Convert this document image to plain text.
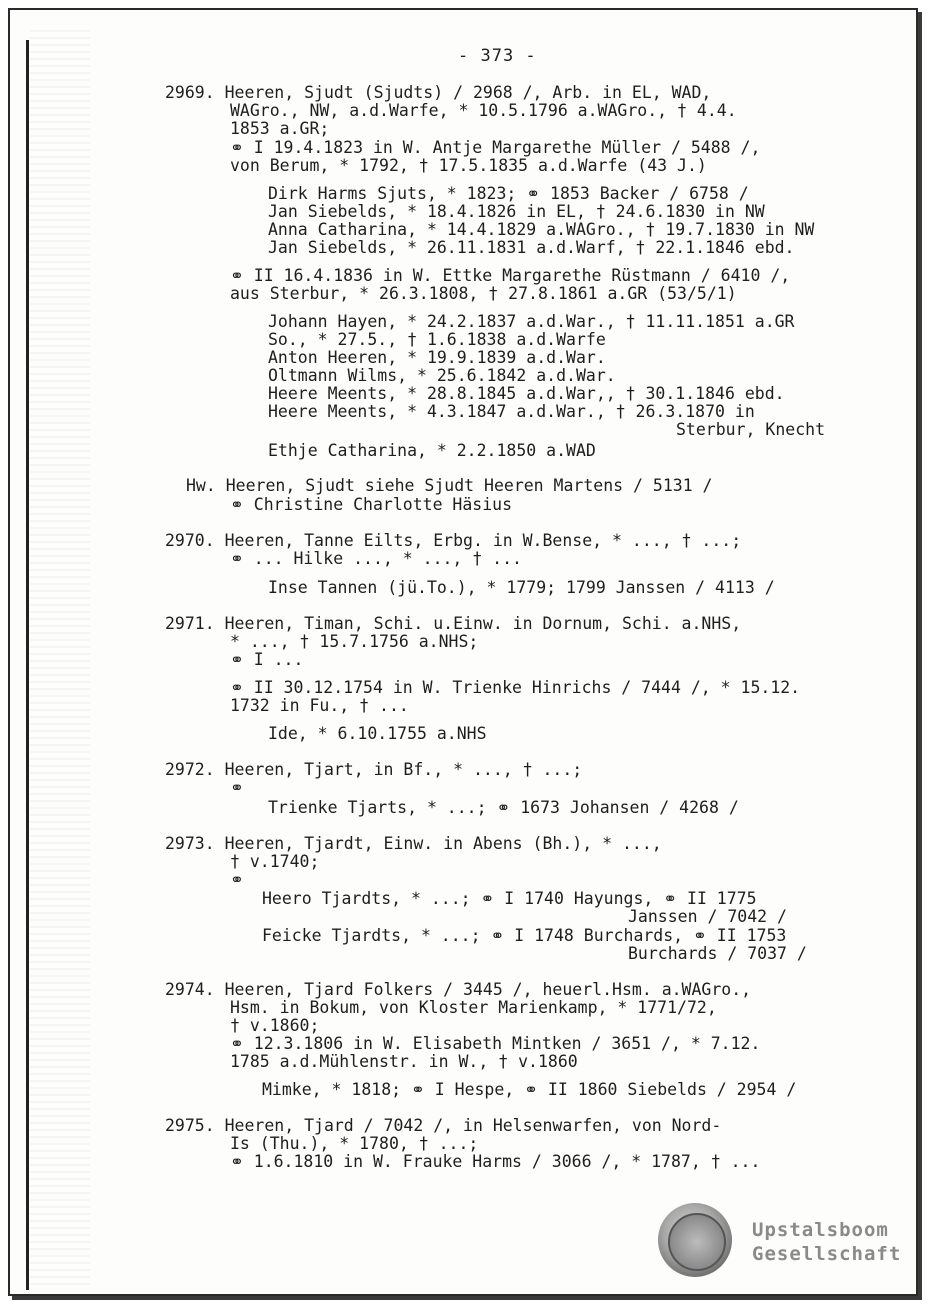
- 373 -
2969. Heeren, Sjudt (Sjudts) / 2968 /, Arb. in EL, WAD,
WAGro., NW, a.d.Warfe, * 10.5.1796 a.WAGro., † 4.4.
1853 a.GR;
⚭ I 19.4.1823 in W. Antje Margarethe Müller / 5488 /,
von Berum, * 1792, † 17.5.1835 a.d.Warfe (43 J.)
Dirk Harms Sjuts, * 1823; ⚭ 1853 Backer / 6758 /
Jan Siebelds, * 18.4.1826 in EL, † 24.6.1830 in NW
Anna Catharina, * 14.4.1829 a.WAGro., † 19.7.1830 in NW
Jan Siebelds, * 26.11.1831 a.d.Warf, † 22.1.1846 ebd.
⚭ II 16.4.1836 in W. Ettke Margarethe Rüstmann / 6410 /,
aus Sterbur, * 26.3.1808, † 27.8.1861 a.GR (53/5/1)
Johann Hayen, * 24.2.1837 a.d.War., † 11.11.1851 a.GR
So., * 27.5., † 1.6.1838 a.d.Warfe
Anton Heeren, * 19.9.1839 a.d.War.
Oltmann Wilms, * 25.6.1842 a.d.War.
Heere Meents, * 28.8.1845 a.d.War,, † 30.1.1846 ebd.
Heere Meents, * 4.3.1847 a.d.War., † 26.3.1870 in
Sterbur, Knecht
Ethje Catharina, * 2.2.1850 a.WAD
Hw. Heeren, Sjudt siehe Sjudt Heeren Martens / 5131 /
⚭ Christine Charlotte Häsius
2970. Heeren, Tanne Eilts, Erbg. in W.Bense, * ..., † ...;
⚭ ... Hilke ..., * ..., † ...
Inse Tannen (jü.To.), * 1779; 1799 Janssen / 4113 /
2971. Heeren, Timan, Schi. u.Einw. in Dornum, Schi. a.NHS,
* ..., † 15.7.1756 a.NHS;
⚭ I ...
⚭ II 30.12.1754 in W. Trienke Hinrichs / 7444 /, * 15.12.
1732 in Fu., † ...
Ide, * 6.10.1755 a.NHS
2972. Heeren, Tjart, in Bf., * ..., † ...;
⚭
Trienke Tjarts, * ...; ⚭ 1673 Johansen / 4268 /
2973. Heeren, Tjardt, Einw. in Abens (Bh.), * ...,
† v.1740;
⚭
Heero Tjardts, * ...; ⚭ I 1740 Hayungs, ⚭ II 1775
Janssen / 7042 /
Feicke Tjardts, * ...; ⚭ I 1748 Burchards, ⚭ II 1753
Burchards / 7037 /
2974. Heeren, Tjard Folkers / 3445 /, heuerl.Hsm. a.WAGro.,
Hsm. in Bokum, von Kloster Marienkamp, * 1771/72,
† v.1860;
⚭ 12.3.1806 in W. Elisabeth Mintken / 3651 /, * 7.12.
1785 a.d.Mühlenstr. in W., † v.1860
Mimke, * 1818; ⚭ I Hespe, ⚭ II 1860 Siebelds / 2954 /
2975. Heeren, Tjard / 7042 /, in Helsenwarfen, von Nord-
Is (Thu.), * 1780, † ...;
⚭ 1.6.1810 in W. Frauke Harms / 3066 /, * 1787, † ...
Upstalsboom
Gesellschaft
